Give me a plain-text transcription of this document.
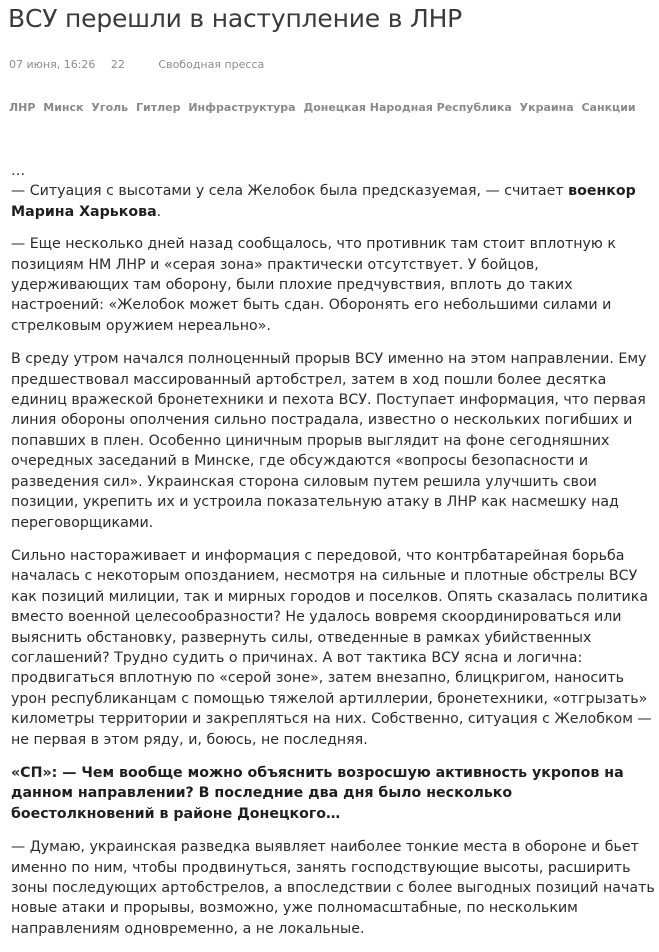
ВСУ перешли в наступление в ЛНР
07 июня, 16:26 22	Свободная пресса
ЛНР Минск Уголь Гитлер Инфраструктура Донецкая Народная Республика Украина Санкции

…
— Ситуация с высотами у села Желобок была предсказуемая, — считает военкор Марина Харькова.

— Еще несколько дней назад сообщалось, что противник там стоит вплотную к позициям НМ ЛНР и «серая зона» практически отсутствует. У бойцов, удерживающих там оборону, были плохие предчувствия, вплоть до таких настроений: «Желобок может быть сдан. Оборонять его небольшими силами и стрелковым оружием нереально».

В среду утром начался полноценный прорыв ВСУ именно на этом направлении. Ему предшествовал массированный артобстрел, затем в ход пошли более десятка единиц вражеской бронетехники и пехота ВСУ. Поступает информация, что первая линия обороны ополчения сильно пострадала, известно о нескольких погибших и попавших в плен. Особенно циничным прорыв выглядит на фоне сегодняшних очередных заседаний в Минске, где обсуждаются «вопросы безопасности и разведения сил». Украинская сторона силовым путем решила улучшить свои позиции, укрепить их и устроила показательную атаку в ЛНР как насмешку над переговорщиками.

Сильно настораживает и информация с передовой, что контрбатарейная борьба началась с некоторым опозданием, несмотря на сильные и плотные обстрелы ВСУ как позиций милиции, так и мирных городов и поселков. Опять сказалась политика вместо военной целесообразности? Не удалось вовремя скоординироваться или выяснить обстановку, развернуть силы, отведенные в рамках убийственных соглашений? Трудно судить о причинах. А вот тактика ВСУ ясна и логична: продвигаться вплотную по «серой зоне», затем внезапно, блицкригом, наносить урон республиканцам с помощью тяжелой артиллерии, бронетехники, «отгрызать» километры территории и закрепляться на них. Собственно, ситуация с Желобком — не первая в этом ряду, и, боюсь, не последняя.

«СП»: — Чем вообще можно объяснить возросшую активность укропов на данном направлении? В последние два дня было несколько боестолкновений в районе Донецкого…

— Думаю, украинская разведка выявляет наиболее тонкие места в обороне и бьет именно по ним, чтобы продвинуться, занять господствующие высоты, расширить зоны последующих артобстрелов, а впоследствии с более выгодных позиций начать новые атаки и прорывы, возможно, уже полномасштабные, по нескольким направлениям одновременно, а не локальные.
